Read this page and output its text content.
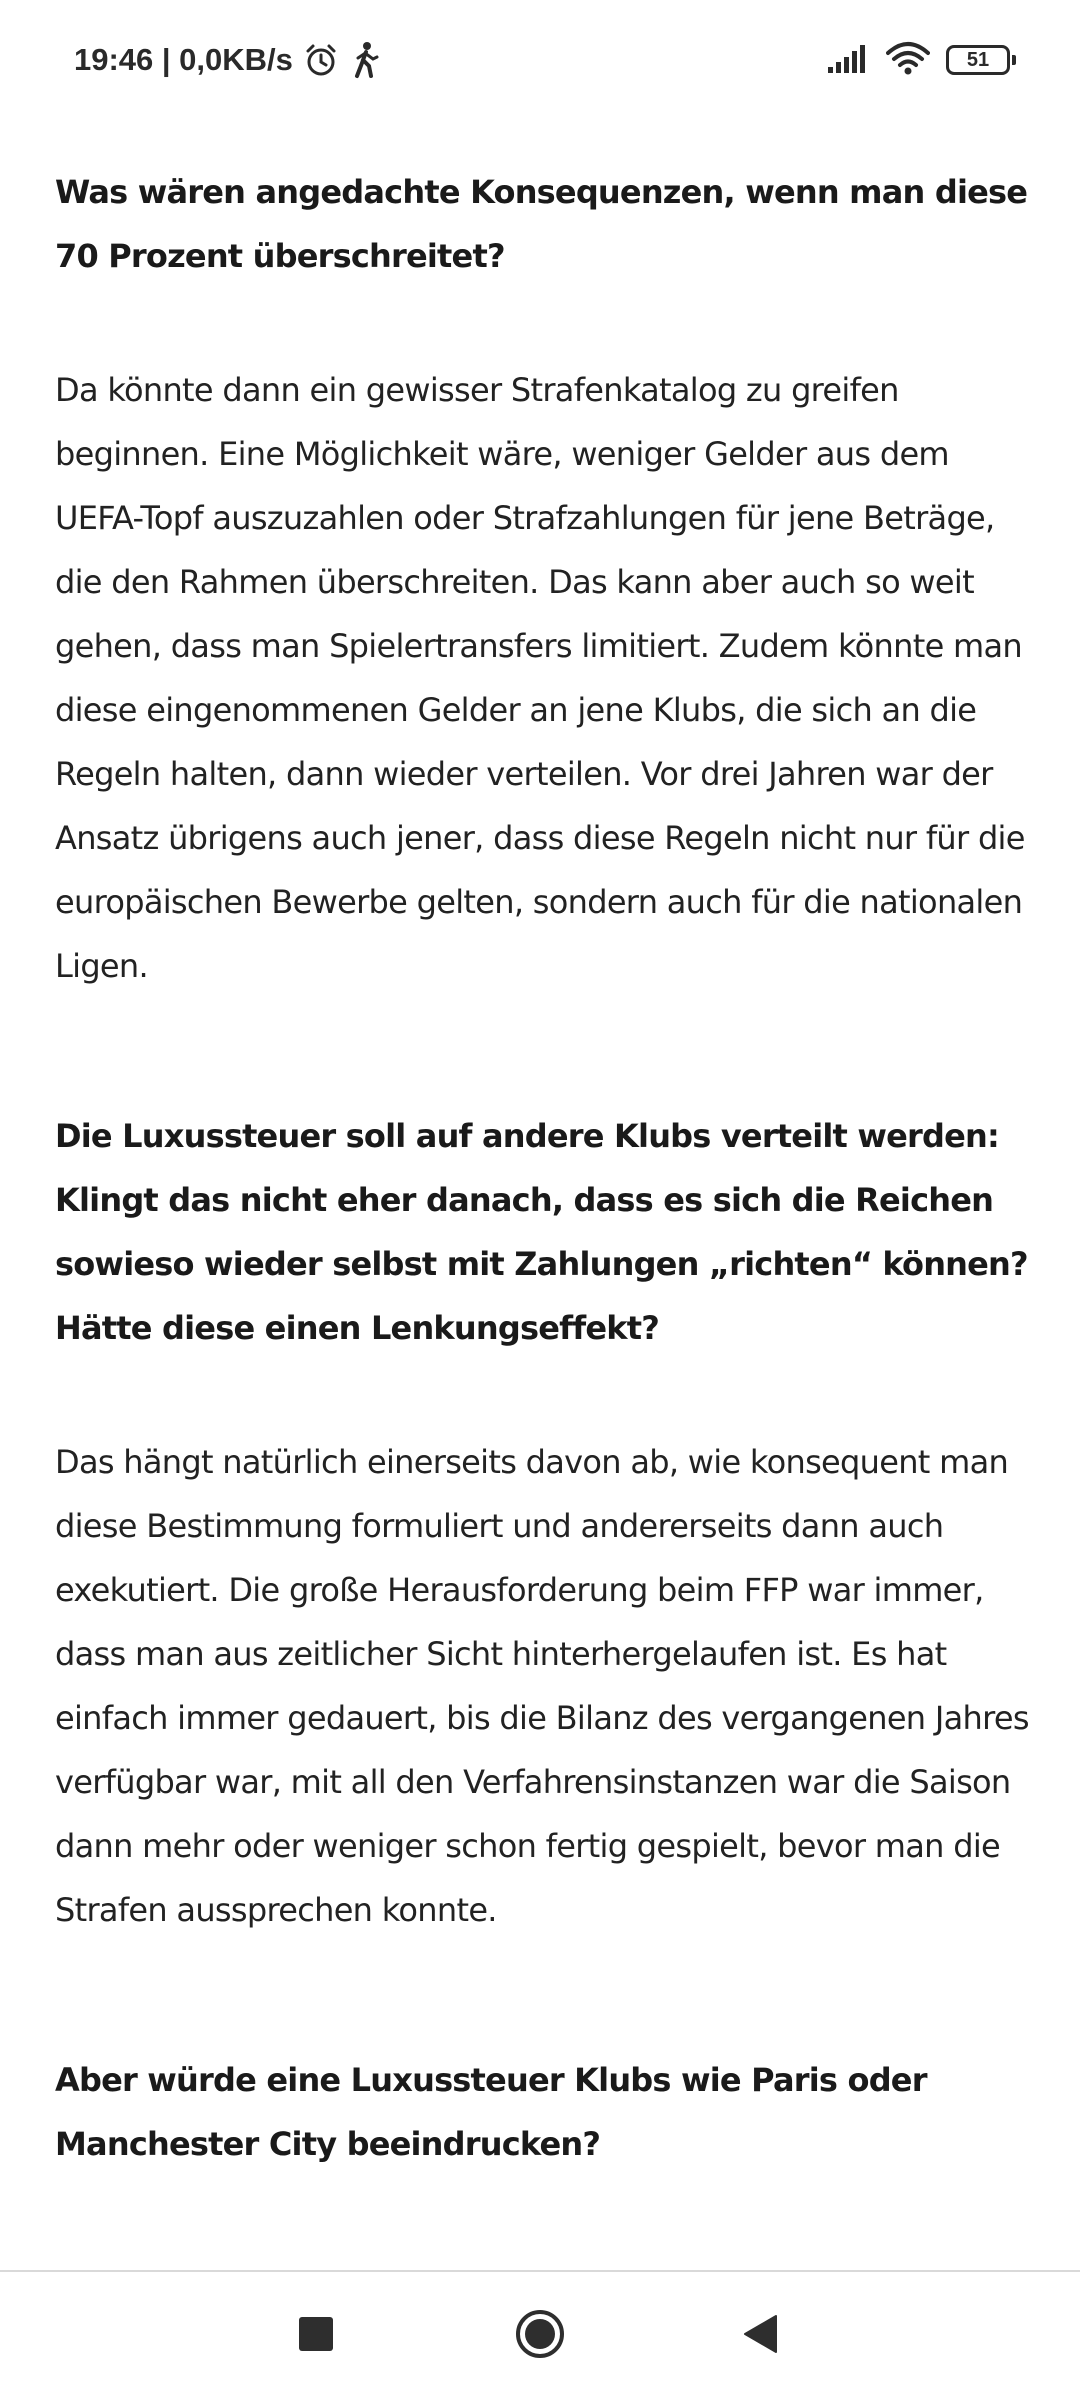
19:46 | 0,0KB/s	51

Was wären angedachte Konsequenzen, wenn man diese 70 Prozent überschreitet?

Da könnte dann ein gewisser Strafenkatalog zu greifen beginnen. Eine Möglichkeit wäre, weniger Gelder aus dem UEFA-Topf auszuzahlen oder Strafzahlungen für jene Beträge, die den Rahmen überschreiten. Das kann aber auch so weit gehen, dass man Spielertransfers limitiert. Zudem könnte man diese eingenommenen Gelder an jene Klubs, die sich an die Regeln halten, dann wieder verteilen. Vor drei Jahren war der Ansatz übrigens auch jener, dass diese Regeln nicht nur für die europäischen Bewerbe gelten, sondern auch für die nationalen Ligen.

Die Luxussteuer soll auf andere Klubs verteilt werden: Klingt das nicht eher danach, dass es sich die Reichen sowieso wieder selbst mit Zahlungen „richten“ können? Hätte diese einen Lenkungseffekt?

Das hängt natürlich einerseits davon ab, wie konsequent man diese Bestimmung formuliert und andererseits dann auch exekutiert. Die große Herausforderung beim FFP war immer, dass man aus zeitlicher Sicht hinterhergelaufen ist. Es hat einfach immer gedauert, bis die Bilanz des vergangenen Jahres verfügbar war, mit all den Verfahrensinstanzen war die Saison dann mehr oder weniger schon fertig gespielt, bevor man die Strafen aussprechen konnte.

Aber würde eine Luxussteuer Klubs wie Paris oder Manchester City beeindrucken?
